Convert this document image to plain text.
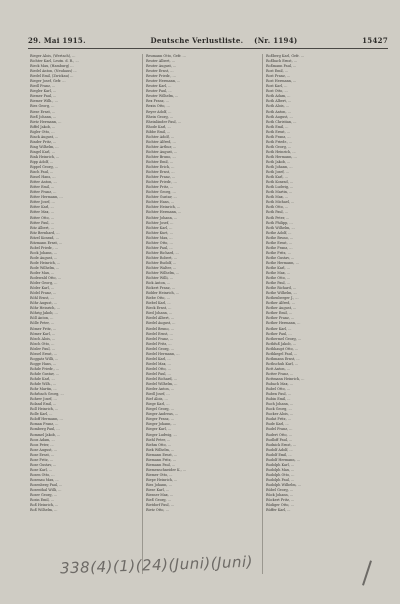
29. Mai 1915.	Deutsche Verlustliste. (Nr. 1194)	15427
Rieger Alois, (Wertach), ...
Richter Karl, Leutn. d. R., ...
Rieck Max, (Hamburg) ...
Riedel Anton, (Neuhaus) ...
Riedel Emil, (Zwickau) ...
Rieger Josef, Gefr. ...
Riedl Franz, ...
Riegler Karl, ...
Riemer Paul, ...
Riemer Wilh., ...
Ries Georg, ...
Riese Ernst, ...
Rieß Johann, ...
Rietz Hermann, ...
Riffel Jakob, ...
Rigler Otto, ...
Rinck August, ...
Rinder Fritz, ...
Ring Wilhelm, ...
Ringel Karl, ...
Rink Heinrich, ...
Ripp Adolf, ...
Rippel Georg, ...
Risch Paul, ...
Rissel Hans, ...
Ritter Anton, ...
Ritter Emil, ...
Ritter Franz, ...
Ritter Hermann, ...
Ritter Josef, ...
Ritter Karl, ...
Ritter Max, ...
Ritter Otto, ...
Ritter Paul, ...
Ritz Albert, ...
Ritz Bernhard, ...
Ritzel Konrad, ...
Ritzmann Ernst, ...
Robel Friedr., ...
Rock Johann, ...
Rode August, ...
Rode Heinrich, ...
Rode Wilhelm, ...
Roder Max, ...
Rodewald Otto, ...
Röder Georg, ...
Röder Karl, ...
Rödel Franz, ...
Röhl Ernst, ...
Röhr August, ...
Röhr Heinrich, ...
Röhrig Jakob, ...
Röll Anton, ...
Rölle Peter, ...
Römer Fritz, ...
Römer Karl, ...
Rösch Alois, ...
Rösch Otto, ...
Rösler Paul, ...
Rössel Ernst, ...
Roggatz Willi, ...
Rogge Hans, ...
Rohde Friedr., ...
Rohde Gustav, ...
Rohde Karl, ...
Rohde Wilh., ...
Rohr Martin, ...
Rohrbach Georg, ...
Rohrer Josef, ...
Roland Emil, ...
Roll Heinrich, ...
Rolle Karl, ...
Roloff Hermann, ...
Roman Franz, ...
Romberg Paul, ...
Rommel Jakob, ...
Roos Adam, ...
Roos Peter, ...
Rose August, ...
Rose Ernst, ...
Rose Fritz, ...
Rose Gustav, ...
Rose Karl, ...
Rosen Otto, ...
Rosenau Max, ...
Rosenberg Paul, ...
Rosenthal Willi, ...
Roser Georg, ...
Rosin Emil, ...
Roß Heinrich, ...
Roß Wilhelm, ...
Reumann Otto, Gefr. ...
Reuter Albert, ...
Reuter August, ...
Reuter Ernst, ...
Reuter Friedr., ...
Reuter Hermann, ...
Reuter Karl, ...
Reuter Paul, ...
Reuter Wilhelm, ...
Rex Franz, ...
Rexin Otto, ...
Reyer Adolf, ...
Rhein Georg, ...
Rheinländer Paul, ...
Rhode Karl, ...
Ribbe Emil, ...
Richter Adolf, ...
Richter Alfred, ...
Richter Arthur, ...
Richter August, ...
Richter Bruno, ...
Richter Emil, ...
Richter Erich, ...
Richter Ernst, ...
Richter Franz, ...
Richter Friedr., ...
Richter Fritz, ...
Richter Georg, ...
Richter Gustav, ...
Richter Hans, ...
Richter Heinrich, ...
Richter Hermann, ...
Richter Johann, ...
Richter Josef, ...
Richter Karl, ...
Richter Kurt, ...
Richter Max, ...
Richter Otto, ...
Richter Paul, ...
Richter Richard, ...
Richter Robert, ...
Richter Rudolf, ...
Richter Walter, ...
Richter Wilhelm, ...
Richter Willi, ...
Rick Anton, ...
Rickert Franz, ...
Ridder Heinrich, ...
Riebe Otto, ...
Riebel Karl, ...
Rieck Ernst, ...
Ried Johann, ...
Riedel Albert, ...
Riedel August, ...
Riedel Bruno, ...
Riedel Ernst, ...
Riedel Franz, ...
Riedel Fritz, ...
Riedel Georg, ...
Riedel Hermann, ...
Riedel Karl, ...
Riedel Max, ...
Riedel Otto, ...
Riedel Paul, ...
Riedel Richard, ...
Riedel Wilhelm, ...
Rieder Anton, ...
Riedl Josef, ...
Rief Alois, ...
Riege Karl, ...
Riegel Georg, ...
Rieger Andreas, ...
Rieger Franz, ...
Rieger Johann, ...
Rieger Karl, ...
Rieger Ludwig, ...
Riehl Peter, ...
Riehm Otto, ...
Riek Wilhelm, ...
Riemann Ernst, ...
Riemann Fritz, ...
Riemann Paul, ...
Riemenschneider K., ...
Riemer Otto, ...
Riepe Heinrich, ...
Ries Johann, ...
Riese Karl, ...
Riesner Max, ...
Rieß Georg, ...
Rietdorf Paul, ...
Rietz Otto, ...
Roßberg Karl, Gefr. ...
Roßbach Ernst, ...
Roßmann Paul, ...
Rost Emil, ...
Rost Franz, ...
Rost Hermann, ...
Rost Karl, ...
Rost Otto, ...
Roth Adam, ...
Roth Albert, ...
Roth Alois, ...
Roth Anton, ...
Roth August, ...
Roth Christian, ...
Roth Emil, ...
Roth Ernst, ...
Roth Franz, ...
Roth Friedr., ...
Roth Georg, ...
Roth Heinrich, ...
Roth Hermann, ...
Roth Jakob, ...
Roth Johann, ...
Roth Josef, ...
Roth Karl, ...
Roth Konrad, ...
Roth Ludwig, ...
Roth Martin, ...
Roth Max, ...
Roth Michael, ...
Roth Otto, ...
Roth Paul, ...
Roth Peter, ...
Roth Philipp, ...
Roth Wilhelm, ...
Rothe Adolf, ...
Rothe Bruno, ...
Rothe Ernst, ...
Rothe Franz, ...
Rothe Fritz, ...
Rothe Gustav, ...
Rothe Hermann, ...
Rothe Karl, ...
Rothe Max, ...
Rothe Otto, ...
Rothe Paul, ...
Rothe Richard, ...
Rothe Wilhelm, ...
Rothenberger J., ...
Rother Alfred, ...
Rother August, ...
Rother Emil, ...
Rother Franz, ...
Rother Hermann, ...
Rother Karl, ...
Rother Paul, ...
Rothermel Georg, ...
Rothfuß Jakob, ...
Rothhaupt Otto, ...
Rothkegel Paul, ...
Rothmann Ernst, ...
Rothschuh Karl, ...
Rott Anton, ...
Rotter Franz, ...
Rottmann Heinrich, ...
Rubach Max, ...
Rubel Otto, ...
Ruben Paul, ...
Rubin Emil, ...
Ruch Johann, ...
Ruck Georg, ...
Rucker Alois, ...
Rudat Fritz, ...
Rude Karl, ...
Rudel Franz, ...
Rudert Otto, ...
Rudloff Paul, ...
Rudnick Ernst, ...
Rudolf Adolf, ...
Rudolf Emil, ...
Rudolf Hermann, ...
Rudolph Karl, ...
Rudolph Max, ...
Rudolph Otto, ...
Rudolph Paul, ...
Rudolph Wilhelm, ...
Rübel Georg, ...
Rück Johann, ...
Rückert Fritz, ...
Rüdiger Otto, ...
Rüffer Karl, ...
338(4)(1)(24)(Juni)(Juni)
